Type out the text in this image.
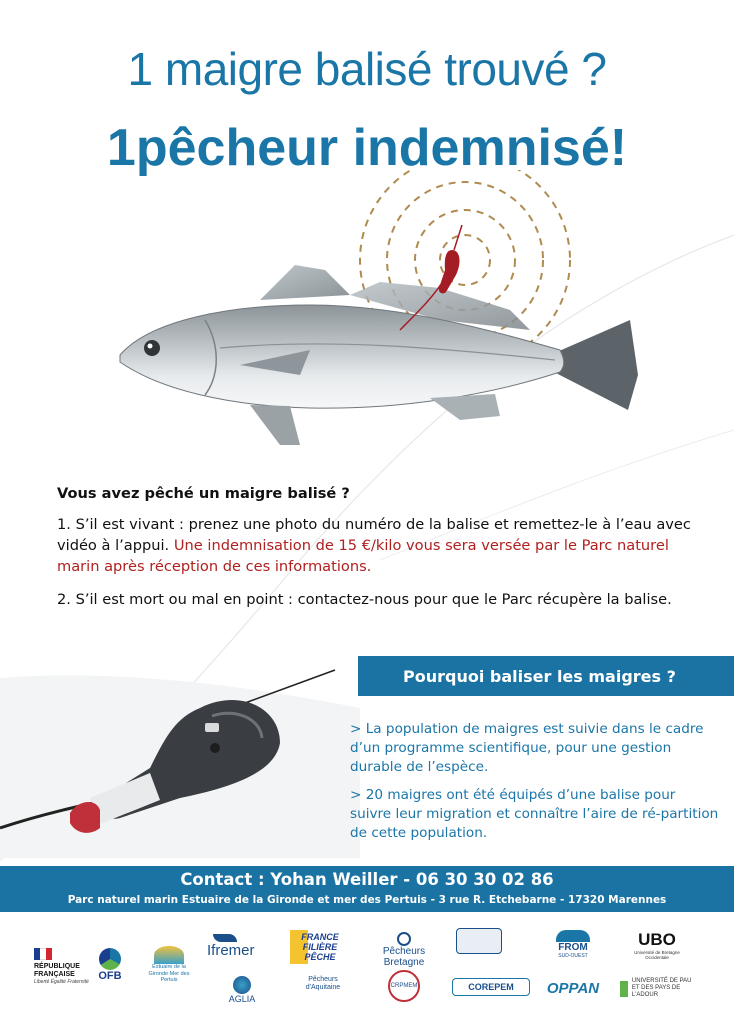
1 maigre balisé trouvé ?
1pêcheur indemnisé!
Vous avez pêché un maigre balisé ?
1. S’il est vivant : prenez une photo du numéro de la balise et remettez-le à l’eau avec vidéo à l’appui. Une indemnisation de 15 €/kilo vous sera versée par le Parc naturel marin après réception de ces informations.
2. S’il est mort ou mal en point : contactez-nous pour que le Parc récupère la balise.
Pourquoi baliser les maigres ?

> La population de maigres est suivie dans le cadre d’un programme scientifique, pour une gestion durable de l’espèce.

> 20 maigres ont été équipés d’une balise pour suivre leur migration et connaître l’aire de ré-partition de cette population.

Contact : Yohan Weiller - 06 30 30 02 86
Parc naturel marin Estuaire de la Gironde et mer des Pertuis - 3 rue R. Etchebarne - 17320 Marennes
RÉPUBLIQUE
FRANÇAISE
Liberté Égalité Fraternité OFB
Estuaire de la Gironde Mer des Pertuis
Ifremer
AGLIA
FRANCE FILIÈRE PÊCHE
Pêcheurs d'Aquitaine
Pêcheurs Bretagne
CRPMEM	COREPEM
FROM
SUD-OUEST
OPPAN
UBO
Université de Bretagne Occidentale
UNIVERSITÉ DE PAU ET DES PAYS DE L'ADOUR
